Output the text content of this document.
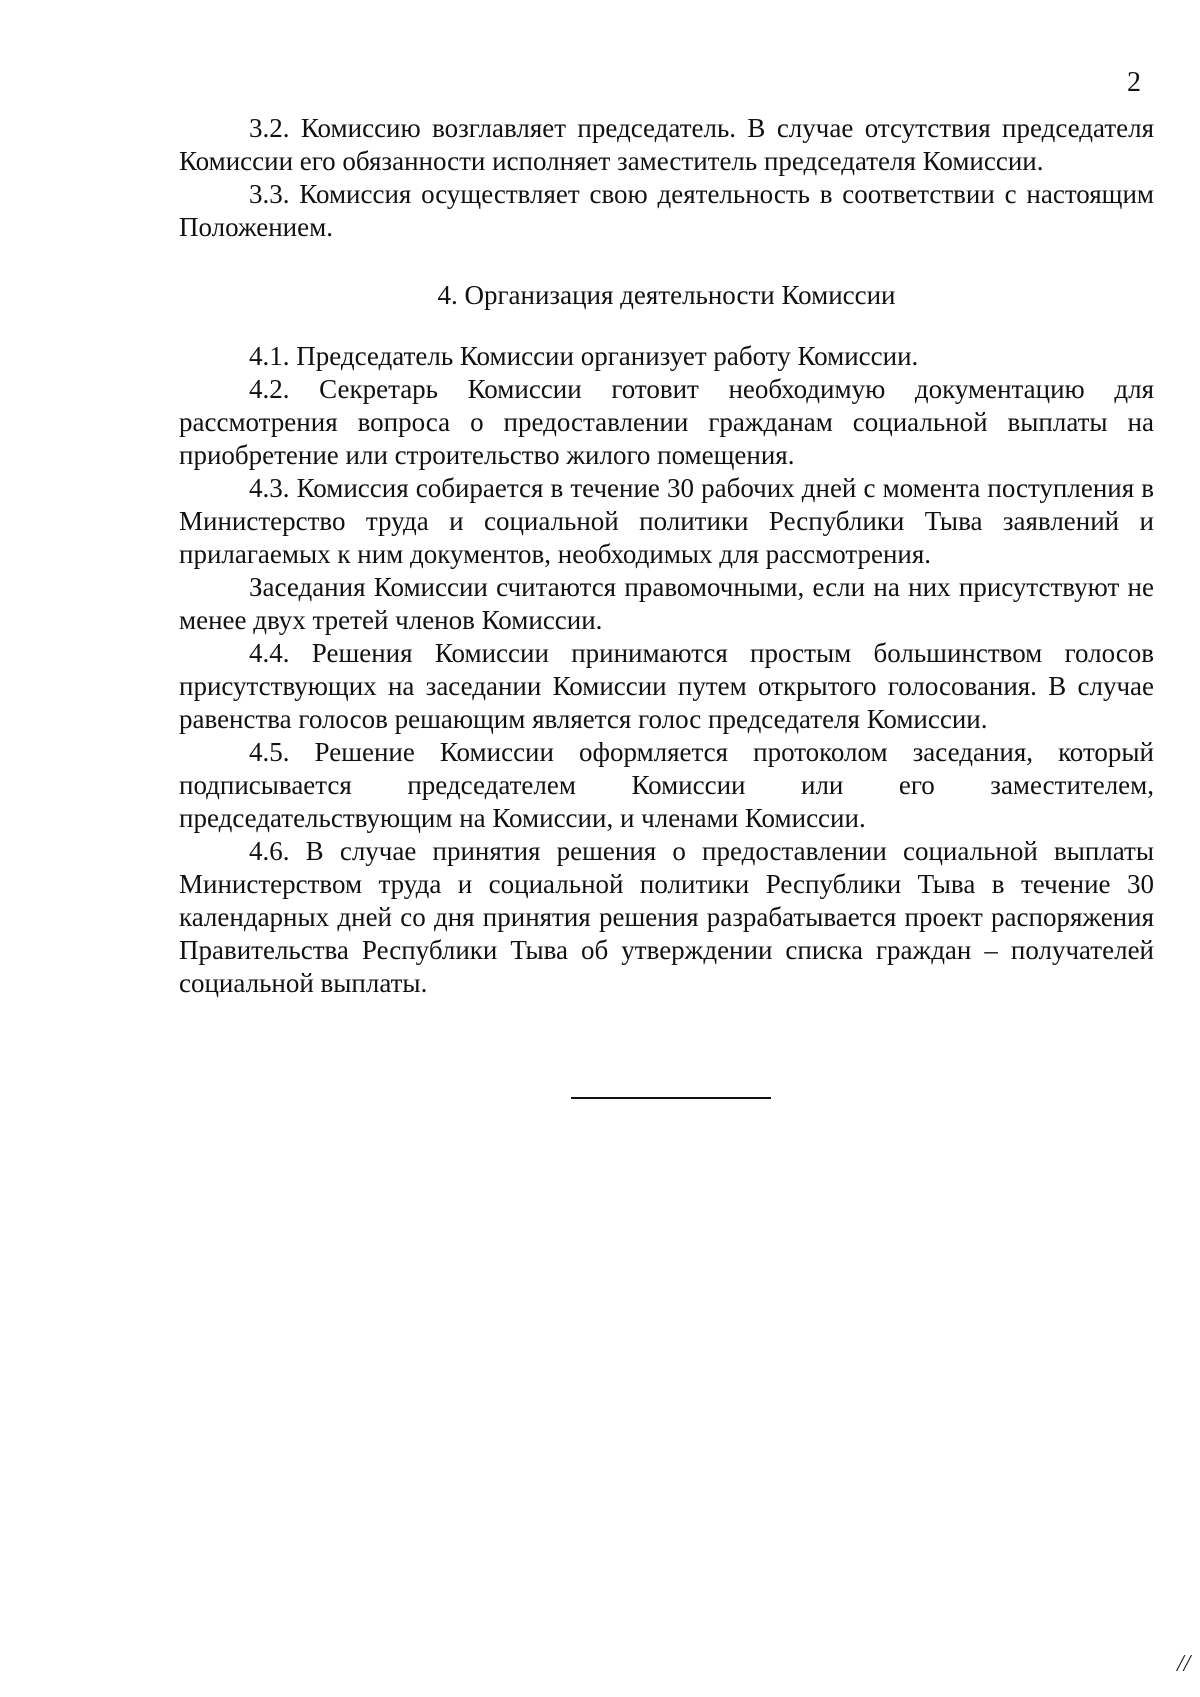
2

3.2. Комиссию возглавляет председатель. В случае отсутствия председателя Комиссии его обязанности исполняет заместитель председателя Комиссии.

3.3. Комиссия осуществляет свою деятельность в соответствии с настоящим Положением.

4. Организация деятельности Комиссии

4.1. Председатель Комиссии организует работу Комиссии.

4.2. Секретарь Комиссии готовит необходимую документацию для рассмотрения вопроса о предоставлении гражданам социальной выплаты на приобретение или строительство жилого помещения.

4.3. Комиссия собирается в течение 30 рабочих дней с момента поступления в Министерство труда и социальной политики Республики Тыва заявлений и прилагаемых к ним документов, необходимых для рассмотрения.

Заседания Комиссии считаются правомочными, если на них присутствуют не менее двух третей членов Комиссии.

4.4. Решения Комиссии принимаются простым большинством голосов присутствующих на заседании Комиссии путем открытого голосования. В случае равенства голосов решающим является голос председателя Комиссии.

4.5. Решение Комиссии оформляется протоколом заседания, который подписывается председателем Комиссии или его заместителем, председательствующим на Комиссии, и членами Комиссии.

4.6. В случае принятия решения о предоставлении социальной выплаты Министерством труда и социальной политики Республики Тыва в течение 30 календарных дней со дня принятия решения разрабатывается проект распоряжения Правительства Республики Тыва об утверждении списка граждан – получателей социальной выплаты.

//
